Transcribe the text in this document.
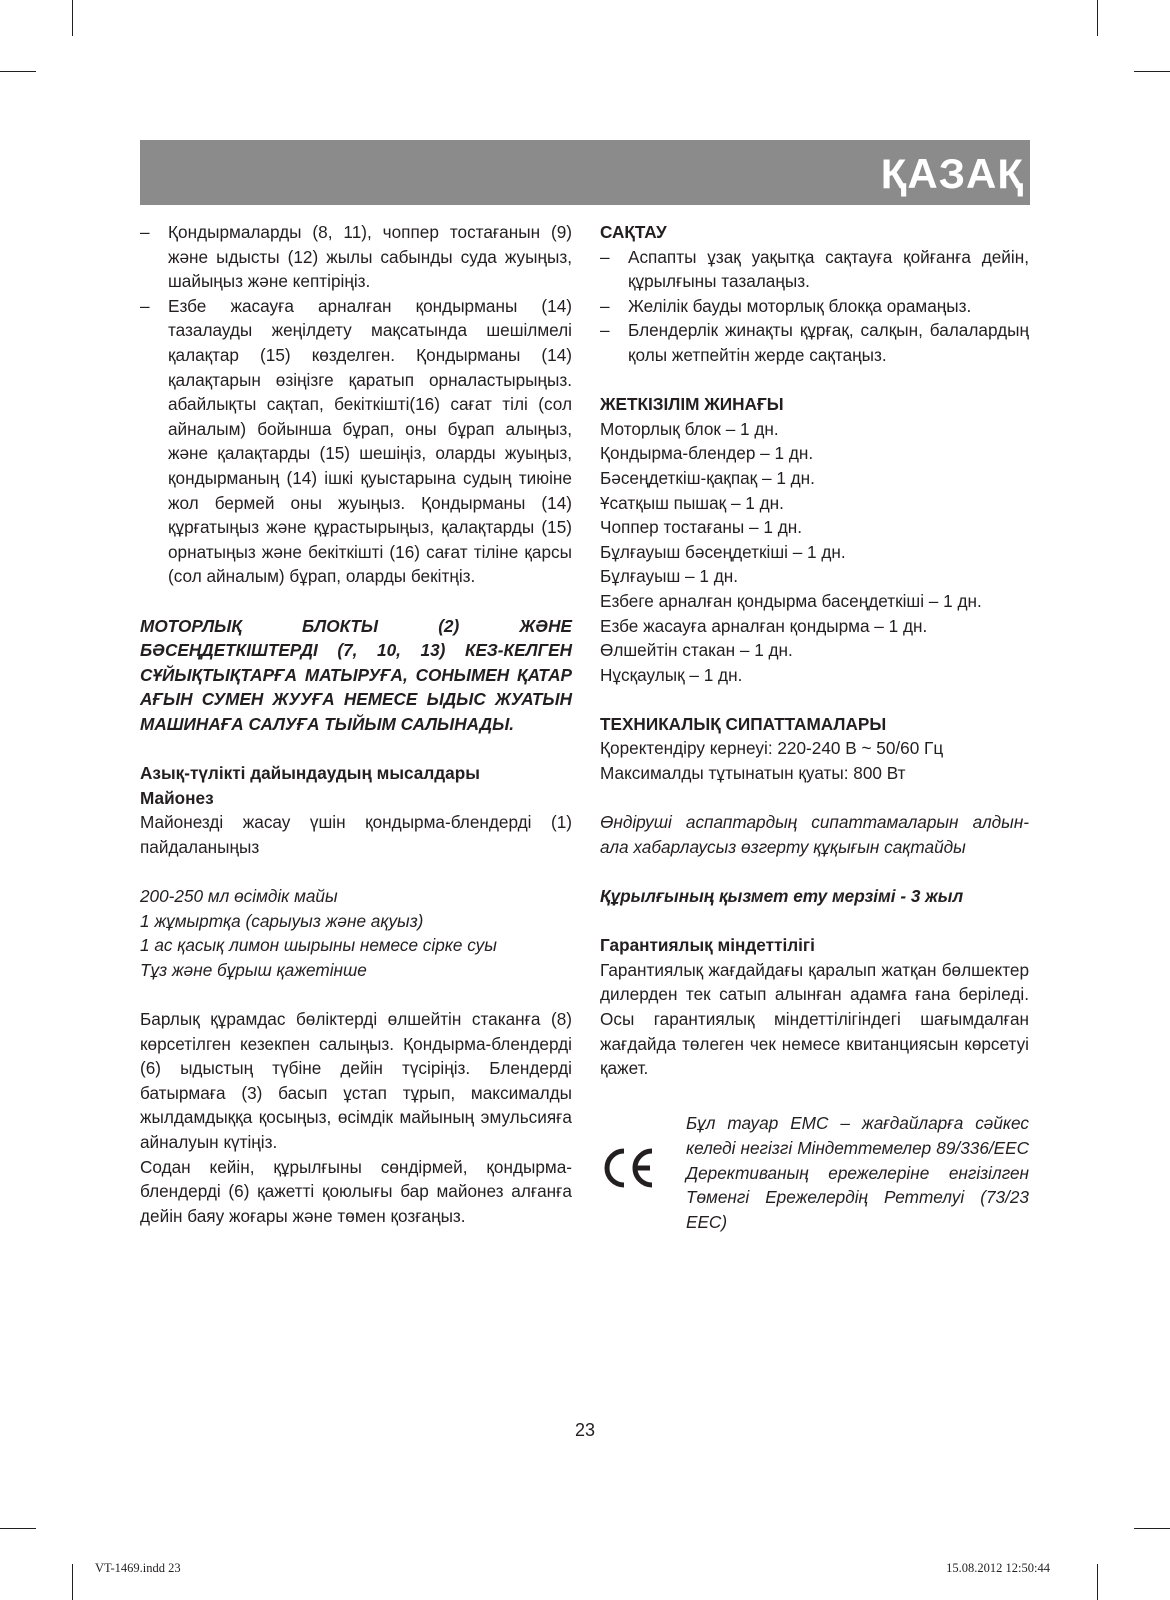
ҚАЗАҚ
–	Қондырмаларды (8, 11), чоппер тостағанын (9) және ыдысты (12) жылы сабынды суда жуыңыз, шайыңыз және кептіріңіз.
–	Езбе жасауға арналған қондырманы (14) тазалауды жеңілдету мақсатында шешілмелі қалақтар (15) көзделген. Қондырманы (14) қалақтарын өзіңізге қаратып орналастырыңыз. абайлықты сақтап, бекіткішті(16) сағат тілі (сол айналым) бойынша бұрап, оны бұрап алыңыз, және қалақтарды (15) шешіңіз, оларды жуыңыз, қондырманың (14) ішкі қуыстарына судың тиюіне жол бермей оны жуыңыз. Қондырманы (14) құрғатыңыз және құрастырыңыз, қалақтарды (15) орнатыңыз және бекіткішті (16) сағат тіліне қарсы (сол айналым) бұрап, оларды бекітңіз.

МОТОРЛЫҚ БЛОКТЫ (2) ЖӘНЕ БӘСЕҢДЕТКІШТЕРДІ (7, 10, 13) КЕЗ-КЕЛГЕН СҰЙЫҚТЫҚТАРҒА МАТЫРУҒА, СОНЫМЕН ҚАТАР АҒЫН СУМЕН ЖУУҒА НЕМЕСЕ ЫДЫС ЖУАТЫН МАШИНАҒА САЛУҒА ТЫЙЫМ САЛЫНАДЫ.

Азық-түлікті дайындаудың мысалдары

Майонез

Майонезді жасау үшін қондырма-блендерді (1) пайдаланыңыз

200-250 мл өсімдік майы

1 жұмыртқа (сарыуыз және ақуыз)

1 ас қасық лимон шырыны немесе сірке суы

Тұз және бұрыш қажетінше

Барлық құрамдас бөліктерді өлшейтін стаканға (8) көрсетілген кезекпен салыңыз. Қондырма-блендерді (6) ыдыстың түбіне дейін түсіріңіз. Блендерді батырмаға (3) басып ұстап тұрып, максималды жылдамдыққа қосыңыз, өсімдік майының эмульсияға айналуын күтіңіз.

Содан кейін, құрылғыны сөндірмей, қондырма-блендерді (6) қажетті қоюлығы бар майонез алғанға дейін баяу жоғары және төмен қозғаңыз.

САҚТАУ

–	Аспапты ұзақ уақытқа сақтауға қойғанға дейін, құрылғыны тазалаңыз.
–	Желілік бауды моторлық блокқа орамаңыз.
–	Блендерлік жинақты құрғақ, салқын, балалардың қолы жетпейтін жерде сақтаңыз.

ЖЕТКІЗІЛІМ ЖИНАҒЫ

Моторлық блок – 1 дн.

Қондырма-блендер – 1 дн.

Бәсеңдеткіш-қақпақ – 1 дн.

Ұсатқыш пышақ – 1 дн.

Чоппер тостағаны – 1 дн.

Бұлғауыш бәсеңдеткіші – 1 дн.

Бұлғауыш – 1 дн.

Езбеге арналған қондырма басеңдеткіші – 1 дн.

Езбе жасауға арналған қондырма – 1 дн.

Өлшейтін стакан – 1 дн.

Нұсқаулық – 1 дн.

ТЕХНИКАЛЫҚ СИПАТТАМАЛАРЫ

Қоректендіру кернеуі: 220-240 В ~ 50/60 Гц

Максималды тұтынатын қуаты: 800 Вт

Өндіруші аспаптардың сипаттамаларын алдын-ала хабарлаусыз өзгерту құқығын сақтайды

Құрылғының қызмет ету мерзімі - 3 жыл

Гарантиялық міндеттілігі

Гарантиялық жағдайдағы қаралып жатқан бөлшектер дилерден тек сатып алынған адамға ғана беріледі. Осы гарантиялық міндеттілігіндегі шағымдалған жағдайда төлеген чек немесе квитанциясын көрсетуі қажет.

Бұл тауар ЕМС – жағдайларға сәйкес келеді негізгі Міндеттемелер 89/336/EEC Дерективаның ережелеріне енгізілген Төменгі Ережелердің Реттелуі (73/23 EEC)
23
VT-1469.indd 23	15.08.2012 12:50:44
